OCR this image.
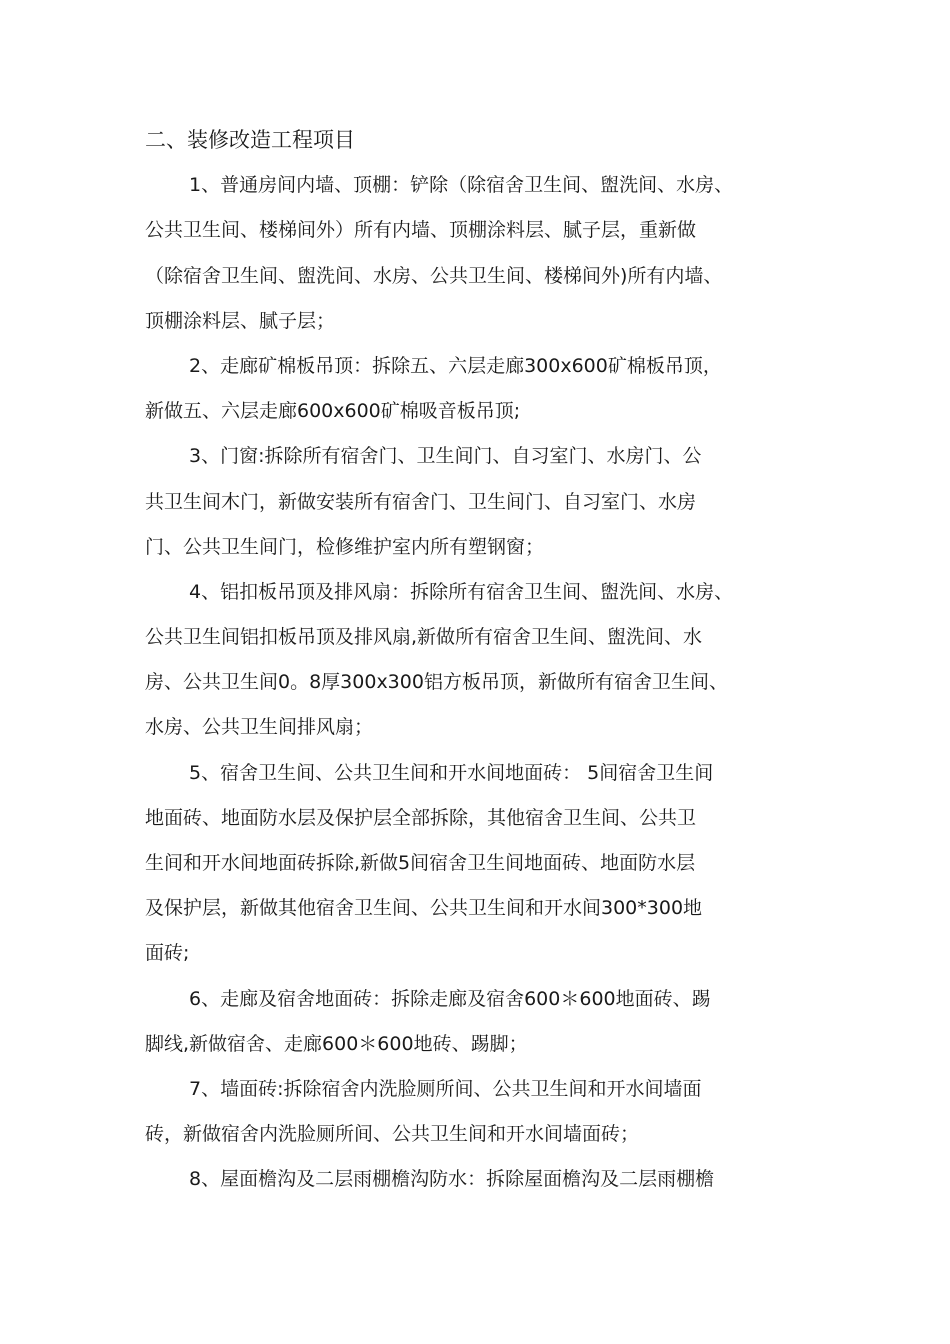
二、装修改造工程项目

1、普通房间内墙、顶棚：铲除（除宿舍卫生间、盥洗间、水房、
公共卫生间、楼梯间外）所有内墙、顶棚涂料层、腻子层，重新做
（除宿舍卫生间、盥洗间、水房、公共卫生间、楼梯间外)所有内墙、
顶棚涂料层、腻子层；

2、走廊矿棉板吊顶：拆除五、六层走廊300x600矿棉板吊顶，
新做五、六层走廊600x600矿棉吸音板吊顶;

3、门窗:拆除所有宿舍门、卫生间门、自习室门、水房门、公
共卫生间木门，新做安装所有宿舍门、卫生间门、自习室门、水房
门、公共卫生间门，检修维护室内所有塑钢窗；

4、铝扣板吊顶及排风扇：拆除所有宿舍卫生间、盥洗间、水房、
公共卫生间铝扣板吊顶及排风扇,新做所有宿舍卫生间、盥洗间、水
房、公共卫生间0。8厚300x300铝方板吊顶，新做所有宿舍卫生间、
水房、公共卫生间排风扇；

5、宿舍卫生间、公共卫生间和开水间地面砖： 5间宿舍卫生间
地面砖、地面防水层及保护层全部拆除，其他宿舍卫生间、公共卫
生间和开水间地面砖拆除,新做5间宿舍卫生间地面砖、地面防水层
及保护层，新做其他宿舍卫生间、公共卫生间和开水间300*300地
面砖;

6、走廊及宿舍地面砖：拆除走廊及宿舍600＊600地面砖、踢
脚线,新做宿舍、走廊600＊600地砖、踢脚；

7、墙面砖:拆除宿舍内洗脸厕所间、公共卫生间和开水间墙面
砖，新做宿舍内洗脸厕所间、公共卫生间和开水间墙面砖；

8、屋面檐沟及二层雨棚檐沟防水：拆除屋面檐沟及二层雨棚檐
